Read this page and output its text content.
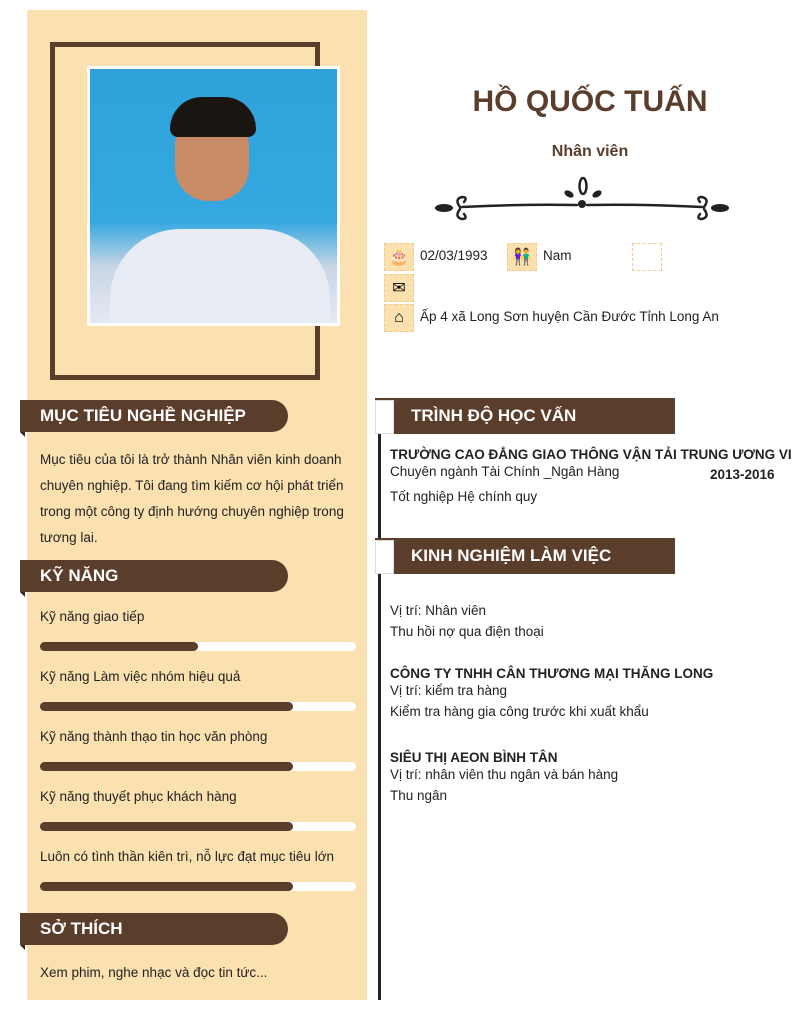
MỤC TIÊU NGHỀ NGHIỆP
Mục tiêu của tôi là trở thành Nhân viên kinh doanh chuyên nghiệp. Tôi đang tìm kiếm cơ hội phát triển trong một công ty định hướng chuyên nghiệp trong tương lai.
KỸ NĂNG
Kỹ năng giao tiếp
Kỹ năng Làm việc nhóm hiệu quả
Kỹ năng thành thạo tin học văn phòng
Kỹ năng thuyết phục khách hàng
Luôn có tình thần kiên trì, nỗ lực đạt mục tiêu lớn
SỞ THÍCH
Xem phim, nghe nhạc và đọc tin tức...
HỒ QUỐC TUẤN
Nhân viên
🎂 02/03/1993	👫 Nam
✉
⌂	Ấp 4 xã Long Sơn huyện Cần Đước Tỉnh Long An
TRÌNH ĐỘ HỌC VẤN
TRƯỜNG CAO ĐẲNG GIAO THÔNG VẬN TẢI TRUNG ƯƠNG VI
Chuyên ngành Tài Chính _Ngân Hàng	2013-2016
Tốt nghiệp Hệ chính quy
KINH NGHIỆM LÀM VIỆC
Vị trí: Nhân viên
Thu hồi nợ qua điện thoại
CÔNG TY TNHH CÂN THƯƠNG MẠI THĂNG LONG
Vị trí: kiểm tra hàng
Kiểm tra hàng gia công trước khi xuất khẩu
SIÊU THỊ AEON BÌNH TÂN
Vị trí: nhân viên thu ngân và bán hàng
Thu ngân
